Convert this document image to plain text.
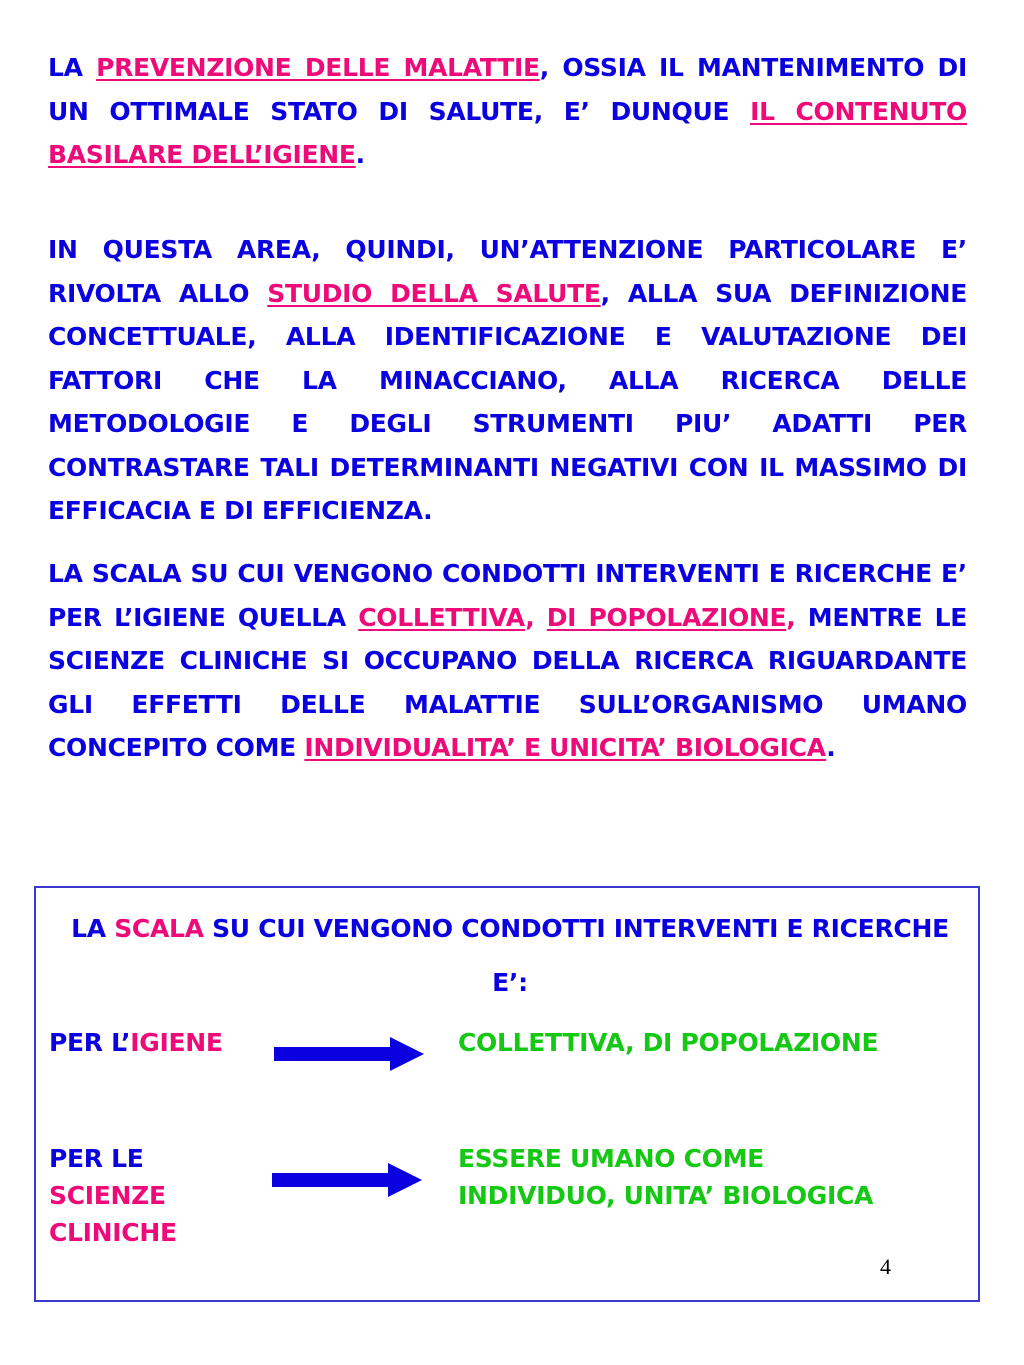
LA PREVENZIONE DELLE MALATTIE, OSSIA IL MANTENIMENTO DI UN OTTIMALE STATO DI SALUTE, E’ DUNQUE IL CONTENUTO BASILARE DELL’IGIENE.
IN QUESTA AREA, QUINDI, UN’ATTENZIONE PARTICOLARE E’ RIVOLTA ALLO STUDIO DELLA SALUTE, ALLA SUA DEFINIZIONE CONCETTUALE, ALLA IDENTIFICAZIONE E VALUTAZIONE DEI FATTORI CHE LA MINACCIANO, ALLA RICERCA DELLE METODOLOGIE E DEGLI STRUMENTI PIU’ ADATTI PER CONTRASTARE TALI DETERMINANTI NEGATIVI CON IL MASSIMO DI EFFICACIA E DI EFFICIENZA.
LA SCALA SU CUI VENGONO CONDOTTI INTERVENTI E RICERCHE E’ PER L’IGIENE QUELLA COLLETTIVA, DI POPOLAZIONE, MENTRE LE SCIENZE CLINICHE SI OCCUPANO DELLA RICERCA RIGUARDANTE GLI EFFETTI DELLE MALATTIE SULL’ORGANISMO UMANO CONCEPITO COME INDIVIDUALITA’ E UNICITA’ BIOLOGICA.
LA SCALA SU CUI VENGONO CONDOTTI INTERVENTI E RICERCHE E’:
PER L’IGIENE	COLLETTIVA, DI POPOLAZIONE
PER LE
SCIENZE
CLINICHE
ESSERE UMANO COME
INDIVIDUO, UNITA’ BIOLOGICA
4
